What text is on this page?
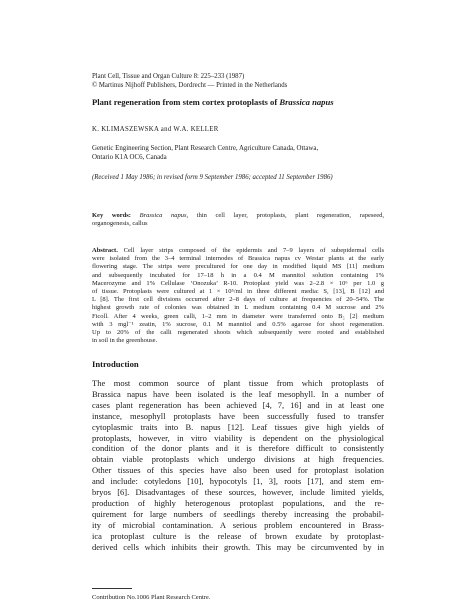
Plant Cell, Tissue and Organ Culture 8: 225–233 (1987)
© Martinus Nijhoff Publishers, Dordrecht — Printed in the Netherlands
Plant regeneration from stem cortex protoplasts of Brassica napus
K. KLIMASZEWSKA and W.A. KELLER
Genetic Engineering Section, Plant Research Centre, Agriculture Canada, Ottawa,
Ontario K1A OC6, Canada
(Received 1 May 1986; in revised form 9 September 1986; accepted 11 September 1986)
Key words: Brassica napus, thin cell layer, protoplasts, plant regeneration, rapeseed,
organogenesis, callus
Abstract. Cell layer strips composed of the epidermis and 7–9 layers of subepidermal cells
were isolated from the 3–4 terminal internodes of Brassica napus cv Westar plants at the early
flowering stage. The strips were precultured for one day in modified liquid MS [11] medium
and subsequently incubated for 17–18 h in a 0.4 M mannitol solution containing 1%
Macerozyme and 1% Cellulase ‘Onozuka’ R-10. Protoplast yield was 2–2.8 × 10⁶ per 1.0 g
of tissue. Protoplasts were cultured at 1 × 10⁵/ml in three different media: S, [13], B [12] and
L [8]. The first cell divisions occurred after 2–8 days of culture at frequencies of 20–54%. The
highest growth rate of colonies was obtained in L medium containing 0.4 M sucrose and 2%
Ficoll. After 4 weeks, green calli, 1–2 mm in diameter were transferred onto B₅ [2] medium
with 3 mgl⁻¹ zeatin, 1% sucrose, 0.1 M mannitol and 0.5% agarose for shoot regeneration.
Up to 20% of the calli regenerated shoots which subsequently were rooted and established
in soil in the greenhouse.
Introduction
The most common source of plant tissue from which protoplasts of
Brassica napus have been isolated is the leaf mesophyll. In a number of
cases plant regeneration has been achieved [4, 7, 16] and in at least one
instance, mesophyll protoplasts have been successfully fused to transfer
cytoplasmic traits into B. napus [12]. Leaf tissues give high yields of
protoplasts, however, in vitro viability is dependent on the physiological
condition of the donor plants and it is therefore difficult to consistently
obtain viable protoplasts which undergo divisions at high frequencies.
Other tissues of this species have also been used for protoplast isolation
and include: cotyledons [10], hypocotyls [1, 3], roots [17], and stem em-
bryos [6]. Disadvantages of these sources, however, include limited yields,
production of highly heterogenous protoplast populations, and the re-
quirement for large numbers of seedlings thereby increasing the probabil-
ity of microbial contamination. A serious problem encountered in Brass-
ica protoplast culture is the release of brown exudate by protoplast-
derived cells which inhibits their growth. This may be circumvented by in
Contribution No.1006 Plant Research Centre.
